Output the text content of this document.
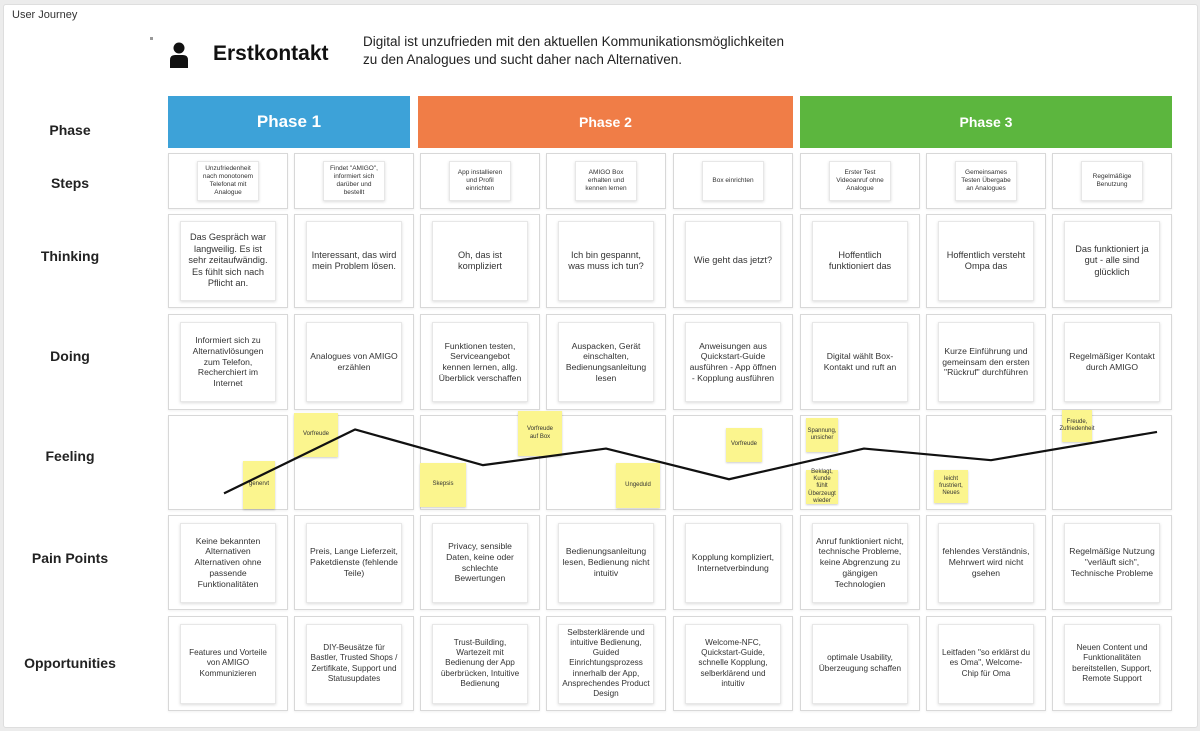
User Journey
Erstkontakt
Digital ist unzufrieden mit den aktuellen Kommunikationsmöglichkeiten
zu den Analogues und sucht daher nach Alternativen.
Phase 1	Phase 2	Phase 3
Phase
Steps
Thinking
Doing
Feeling
Pain Points
Opportunities
Unzufriedenheit nach monotonem Telefonat mit Analogue
Findet "AMIGO", informiert sich darüber und bestellt
App installieren und Profil einrichten
AMIGO Box erhalten und kennen lernen
Box einrichten
Erster Test Videoanruf ohne Analogue
Gemeinsames Testen Übergabe an Analogues
Regelmäßige Benutzung
Das Gespräch war langweilig. Es ist sehr zeitaufwändig. Es fühlt sich nach Pflicht an.
Interessant, das wird mein Problem lösen.
Oh, das ist kompliziert
Ich bin gespannt, was muss ich tun?
Wie geht das jetzt?
Hoffentlich funktioniert das
Hoffentlich versteht Ompa das
Das funktioniert ja gut - alle sind glücklich
Informiert sich zu Alternativlösungen zum Telefon, Recherchiert im Internet
Analogues von AMIGO erzählen
Funktionen testen, Serviceangebot kennen lernen, allg. Überblick verschaffen
Auspacken, Gerät einschalten, Bedienungsanleitung lesen
Anweisungen aus Quickstart-Guide ausführen - App öffnen - Kopplung ausführen
Digital wählt Box-Kontakt und ruft an
Kurze Einführung und gemeinsam den ersten "Rückruf" durchführen
Regelmäßiger Kontakt durch AMIGO
Keine bekannten Alternativen Alternativen ohne passende Funktionalitäten
Preis, Lange Lieferzeit, Paketdienste (fehlende Teile)
Privacy, sensible Daten, keine oder schlechte Bewertungen
Bedienungsanleitung lesen, Bedienung nicht intuitiv
Kopplung kompliziert, Internetverbindung
Anruf funktioniert nicht, technische Probleme, keine Abgrenzung zu gängigen Technologien
fehlendes Verständnis, Mehrwert wird nicht gsehen
Regelmäßige Nutzung "verläuft sich", Technische Probleme
Features und Vorteile von AMIGO Kommunizieren
DIY-Beusätze für Bastler, Trusted Shops / Zertifikate, Support und Statusupdates
Trust-Building, Wartezeit mit Bedienung der App überbrücken, Intuitive Bedienung
Selbsterklärende und intuitive Bedienung, Guided Einrichtungsprozess innerhalb der App, Ansprechendes Product Design
Welcome-NFC, Quickstart-Guide, schnelle Kopplung, selberklärend und intuitiv
optimale Usability, Überzeugung schaffen
Leitfaden "so erklärst du es Oma", Welcome-Chip für Oma
Neuen Content und Funktionalitäten bereitstellen, Support, Remote Support
genervt
Vorfreude
Skepsis
Vorfreude auf Box
Ungeduld
Vorfreude
Spannung, unsicher
Beklagt, Kunde fühlt Überzeugt wieder
leicht frustriert, Neues
Freude, Zufriedenheit
